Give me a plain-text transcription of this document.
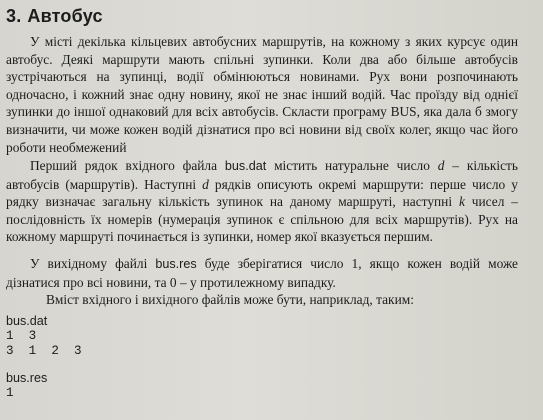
3. Автобус

У місті декілька кільцевих автобусних маршрутів, на кожному з яких курсує один автобус. Деякі маршрути мають спільні зупинки. Коли два або більше автобусів зустрічаються на зупинці, водії обмінюються новинами. Рух вони розпочинають одночасно, і кожний знає одну новину, якої не знає інший водій. Час проїзду від однієї зупинки до іншої однаковий для всіх автобусів. Скласти програму BUS, яка дала б змогу визначити, чи може кожен водій дізнатися про всі новини від своїх колег, якщо час його роботи необмежений

Перший рядок вхідного файла bus.dat містить натуральне число d – кількість автобусів (маршрутів). Наступні d рядків описують окремі маршрути: перше число у рядку визначає загальну кількість зупинок на даному маршруті, наступні k чисел – послідовність їх номерів (нумерація зупинок є спільною для всіх маршрутів). Рух на кожному маршруті починається із зупинки, номер якої вказується першим.

У вихідному файлі bus.res буде зберігатися число 1, якщо кожен водій може дізнатися про всі новини, та 0 – у протилежному випадку.

Вміст вхідного і вихідного файлів може бути, наприклад, таким:

bus.dat
1  3
3  1  2  3
bus.res
1
